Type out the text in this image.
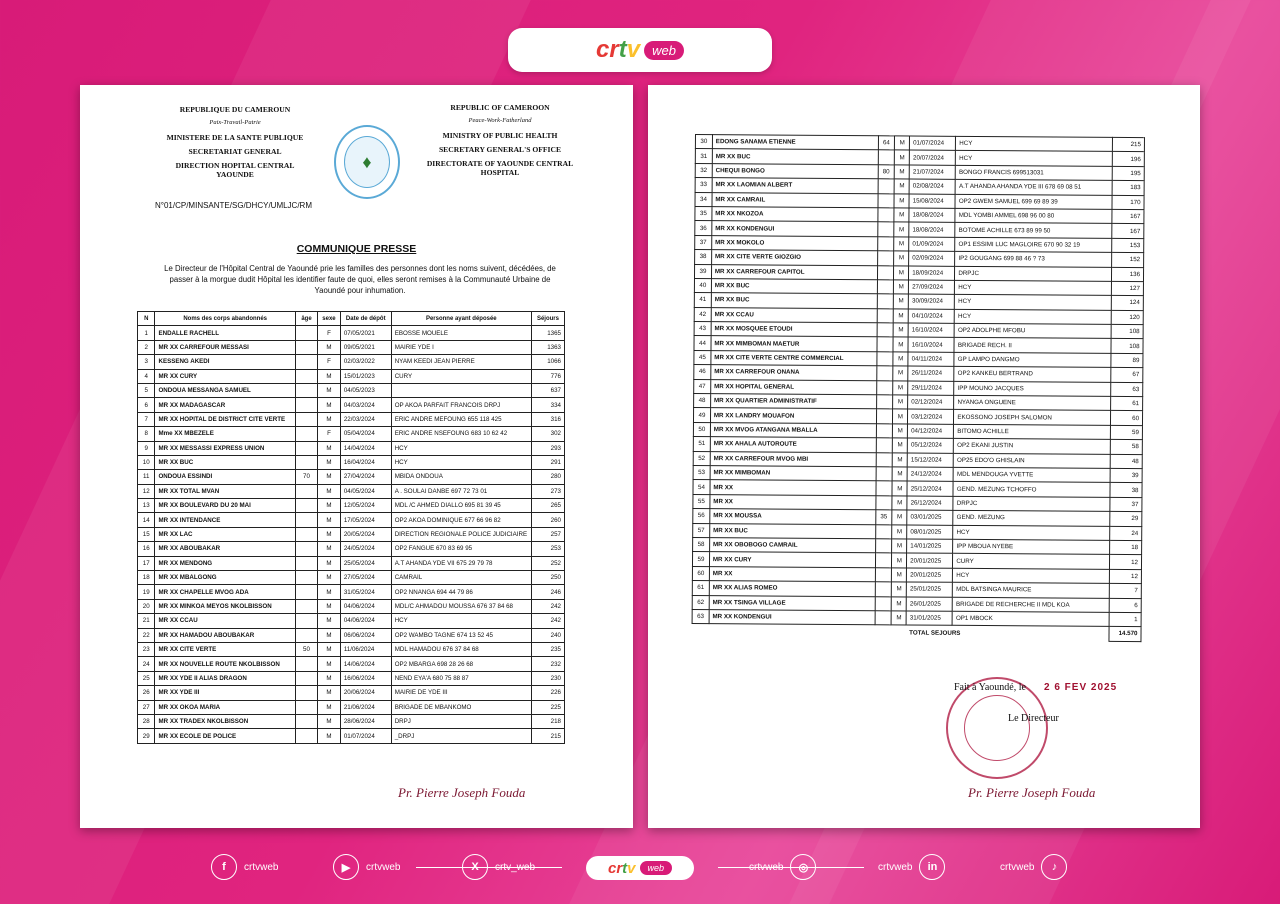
crtv web
REPUBLIQUE DU CAMEROUN
Paix-Travail-Patrie
MINISTERE DE LA SANTE PUBLIQUE
SECRETARIAT GENERAL
DIRECTION HOPITAL CENTRAL YAOUNDE
♦
REPUBLIC OF CAMEROON
Peace-Work-Fatherland
MINISTRY OF PUBLIC HEALTH
SECRETARY GENERAL'S OFFICE
DIRECTORATE OF YAOUNDE CENTRAL HOSPITAL
N°01/CP/MINSANTE/SG/DHCY/UMLJC/RM
COMMUNIQUE PRESSE
Le Directeur de l'Hôpital Central de Yaoundé prie les familles des personnes dont les noms suivent, décédées, de passer à la morgue dudit Hôpital les identifier faute de quoi, elles seront remises à la Communauté Urbaine de Yaoundé pour inhumation.
N	Noms des corps abandonnés	âge	sexe	Date de dépôt	Personne ayant déposée	Séjours
1	ENDALLE RACHELL		F	07/05/2021	EBOSSE MOUELE	1365
2	MR XX CARREFOUR MESSASI		M	09/05/2021	MAIRIE YDE I	1363
3	KESSENG AKEDI		F	02/03/2022	NYAM KEEDI JEAN PIERRE	1066
4	MR XX CURY		M	15/01/2023	CURY	776
5	ONDOUA MESSANGA SAMUEL		M	04/05/2023		637
6	MR XX MADAGASCAR		M	04/03/2024	OP AKOA PARFAIT FRANCOIS DRPJ	334
7	MR XX HOPITAL DE DISTRICT CITE VERTE		M	22/03/2024	ERIC ANDRE MEFOUNG 655 118 425	316
8	Mme XX MBEZELE		F	05/04/2024	ERIC ANDRE NSEFOUNG 683 10 62 42	302
9	MR XX MESSASSI EXPRESS UNION		M	14/04/2024	HCY	293
10	MR XX BUC		M	16/04/2024	HCY	291
11	ONDOUA ESSINDI	70	M	27/04/2024	MBIDA ONDOUA	280
12	MR XX TOTAL MVAN		M	04/05/2024	A . SOULAI DANBE 697 72 73 01	273
13	MR XX BOULEVARD DU 20 MAI		M	12/05/2024	MDL /C AHMED DIALLO 695 81 39 45	265
14	MR XX INTENDANCE		M	17/05/2024	OP2 AKOA DOMINIQUE 677 66 96 82	260
15	MR XX LAC		M	20/05/2024	DIRECTION REGIONALE POLICE JUDICIAIRE	257
16	MR XX ABOUBAKAR		M	24/05/2024	OP2 FANGUE 670 83 69 95	253
17	MR XX MENDONG		M	25/05/2024	A.T AHANDA YDE VII 675 29 79 78	252
18	MR XX MBALGONG		M	27/05/2024	CAMRAIL	250
19	MR XX CHAPELLE MVOG ADA		M	31/05/2024	OP2 NNANGA 694 44 79 86	246
20	MR XX MINKOA MEYOS NKOLBISSON		M	04/06/2024	MDL/C AHMADOU MOUSSA 676 37 84 68	242
21	MR XX CCAU		M	04/06/2024	HCY	242
22	MR XX HAMADOU ABOUBAKAR		M	06/06/2024	OP2 WAMBO TAGNE 674 13 52 45	240
23	MR XX CITE VERTE	50	M	11/06/2024	MDL HAMADOU 676 37 84 68	235
24	MR XX NOUVELLE ROUTE NKOLBISSON		M	14/06/2024	OP2 MBARGA 698 28 26 68	232
25	MR XX YDE II ALIAS DRAGON		M	16/06/2024	NEND EYA'A 680 75 88 87	230
26	MR XX YDE III		M	20/06/2024	MAIRIE DE YDE III	226
27	MR XX OKOA MARIA		M	21/06/2024	BRIGADE DE MBANKOMO	225
28	MR XX TRADEX NKOLBISSON		M	28/06/2024	DRPJ	218
29	MR XX ECOLE DE POLICE		M	01/07/2024	_DRPJ	215
Pr. Pierre Joseph Fouda
30	EDONG SANAMA ETIENNE	64	M	01/07/2024	HCY	215
31	MR XX BUC		M	20/07/2024	HCY	196
32	CHEQUI BONGO	80	M	21/07/2024	BONGO FRANCIS 699513031	195
33	MR XX LAOMIAN ALBERT		M	02/08/2024	A.T AHANDA AHANDA YDE III 678 69 08 51	183
34	MR XX CAMRAIL		M	15/08/2024	OP2 GWEM SAMUEL 699 69 89 39	170
35	MR XX NKOZOA		M	18/08/2024	MDL YOMBI AMMEL 698 96 00 80	167
36	MR XX KONDENGUI		M	18/08/2024	BOTOME ACHILLE 673 89 99 50	167
37	MR XX MOKOLO		M	01/09/2024	OP1 ESSIMI LUC MAGLOIRE 670 90 32 19	153
38	MR XX CITE VERTE GIOZGIO		M	02/09/2024	IP2 GOUGANG 699 88 46 ? 73	152
39	MR XX CARREFOUR CAPITOL		M	18/09/2024	DRPJC	136
40	MR XX BUC		M	27/09/2024	HCY	127
41	MR XX BUC		M	30/09/2024	HCY	124
42	MR XX CCAU		M	04/10/2024	HCY	120
43	MR XX MOSQUEE ETOUDI		M	16/10/2024	OP2 ADOLPHE MFOBU	108
44	MR XX MIMBOMAN MAETUR		M	16/10/2024	BRIGADE RECH. II	108
45	MR XX CITE VERTE CENTRE COMMERCIAL		M	04/11/2024	GP LAMPO DANGMO	89
46	MR XX CARREFOUR ONANA		M	26/11/2024	OP2 KANKEU BERTRAND	67
47	MR XX HOPITAL GENERAL		M	29/11/2024	IPP MOUNO JACQUES	63
48	MR XX QUARTIER ADMINISTRATIF		M	02/12/2024	NYANGA ONGUENE	61
49	MR XX LANDRY MOUAFON		M	03/12/2024	EKOSSONO JOSEPH SALOMON	60
50	MR XX MVOG ATANGANA MBALLA		M	04/12/2024	BITOMO ACHILLE	59
51	MR XX AHALA AUTOROUTE		M	05/12/2024	OP2 EKANI JUSTIN	58
52	MR XX CARREFOUR MVOG MBI		M	15/12/2024	OP25 EDO'O GHISLAIN	48
53	MR XX MIMBOMAN		M	24/12/2024	MDL MENDOUGA YVETTE	39
54	MR XX		M	25/12/2024	GEND. MEZUNG TCHOFFO	38
55	MR XX		M	26/12/2024	DRPJC	37
56	MR XX MOUSSA	35	M	03/01/2025	GEND. MEZUNG	29
57	MR XX BUC		M	08/01/2025	HCY	24
58	MR XX OBOBOGO CAMRAIL		M	14/01/2025	IPP MBOUA NYEBE	18
59	MR XX CURY		M	20/01/2025	CURY	12
60	MR XX		M	20/01/2025	HCY	12
61	MR XX ALIAS ROMEO		M	25/01/2025	MDL BATSINGA MAURICE	7
62	MR XX TSINGA VILLAGE		M	26/01/2025	BRIGADE DE RECHERCHE II MDL KOA	6
63	MR XX KONDENGUI		M	31/01/2025	OP1 MBOCK	1
				TOTAL SEJOURS		14.570
Fait à Yaoundé, le 2 6 FEV 2025
Le Directeur
Pr. Pierre Joseph Fouda
f	crtvweb	▶	crtvweb	X	crtv_web	crtv	web	crtvweb	◎	crtvweb	in	crtvweb	♪
